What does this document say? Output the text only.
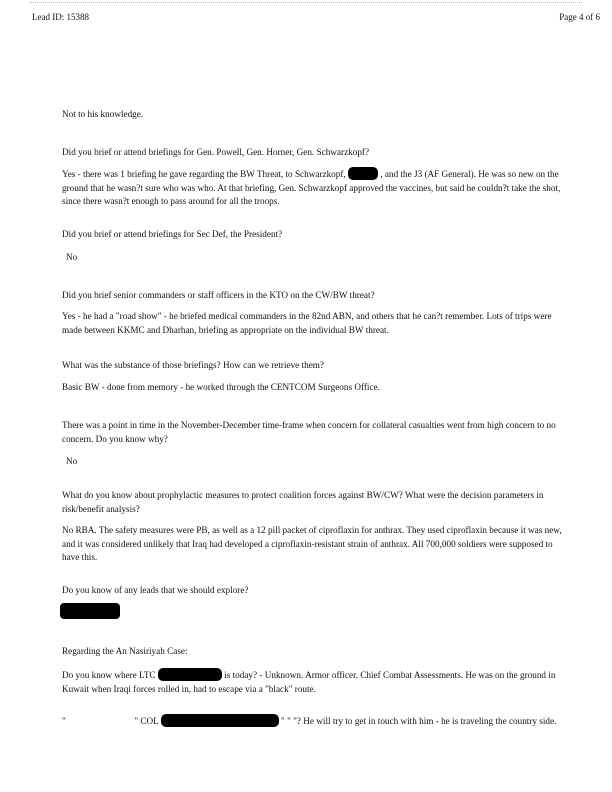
Lead ID: 15388	Page 4 of 6
Not to his knowledge.
Did you brief or attend briefings for Gen. Powell, Gen. Horner, Gen. Schwarzkopf?
Yes - there was 1 briefing he gave regarding the BW Threat, to Schwarzkopf,	, and the J3 (AF General). He was so new on the ground that he wasn?t sure who was who. At that briefing, Gen. Schwarzkopf approved the vaccines, but said he couldn?t take the shot, since there wasn?t enough to pass around for all the troops.
Did you brief or attend briefings for Sec Def, the President?
No
Did you brief senior commanders or staff officers in the KTO on the CW/BW threat?
Yes - he had a "road show" - he briefed medical commanders in the 82nd ABN, and others that he can?t remember. Lots of trips were made between KKMC and Dharhan, briefing as appropriate on the individual BW threat.
What was the substance of those briefings? How can we retrieve them?
Basic BW - done from memory - he worked through the CENTCOM Surgeons Office.
There was a point in time in the November-December time-frame when concern for collateral casualties went from high concern to no concern. Do you know why?
No
What do you know about prophylactic measures to protect coalition forces against BW/CW? What were the decision parameters in risk/benefit analysis?
No RBA. The safety measures were PB, as well as a 12 pill packet of ciproflaxin for anthrax. They used ciproflaxin because it was new, and it was considered unlikely that Iraq had developed a ciproflaxin-resistant strain of anthrax. All 700,000 soldiers were supposed to have this.
Do you know of any leads that we should explore?
Regarding the An Nasiriyah Case:
Do you know where LTC	is today? - Unknown. Armor officer. Chief Combat Assessments. He was on the ground in Kuwait when Iraqi forces rolled in, had to escape via a "black" route.
"	" COL	" " "? He will try to get in touch with him - he is traveling the country side.
